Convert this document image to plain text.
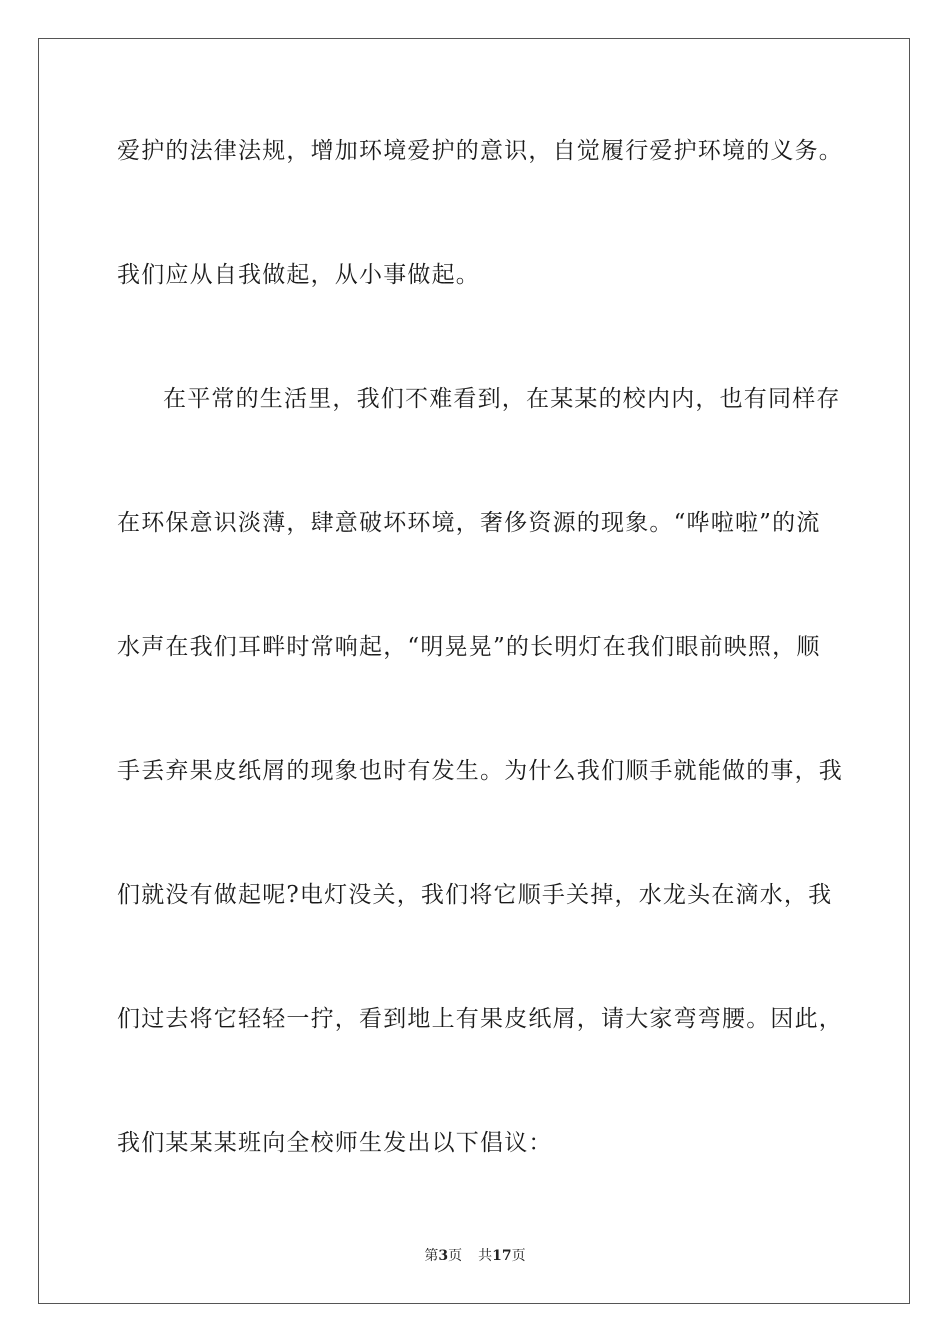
爱护的法律法规，增加环境爱护的意识，自觉履行爱护环境的义务。
我们应从自我做起，从小事做起。
在平常的生活里，我们不难看到，在某某的校内内，也有同样存
在环保意识淡薄，肆意破坏环境，奢侈资源的现象。“哗啦啦”的流
水声在我们耳畔时常响起，“明晃晃”的长明灯在我们眼前映照，顺
手丢弃果皮纸屑的现象也时有发生。为什么我们顺手就能做的事，我
们就没有做起呢?电灯没关，我们将它顺手关掉，水龙头在滴水，我
们过去将它轻轻一拧，看到地上有果皮纸屑，请大家弯弯腰。因此，
我们某某某班向全校师生发出以下倡议：
第3页 共17页
